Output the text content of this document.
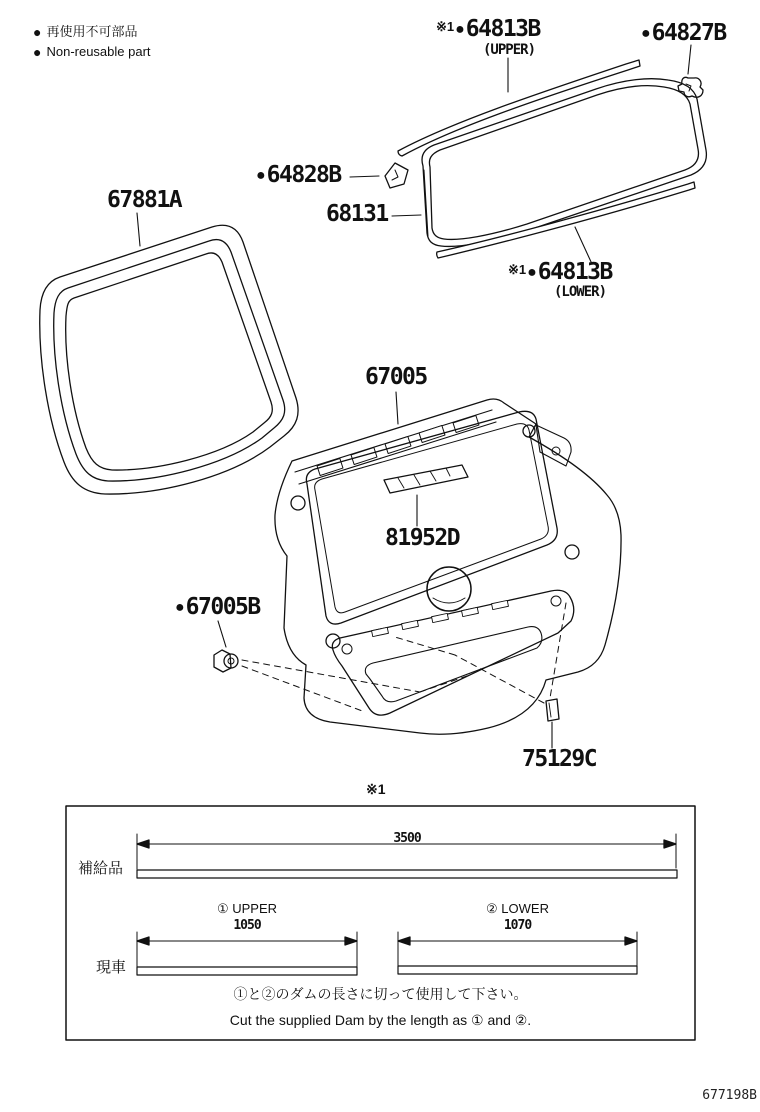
● 再使用不可部品
● Non-reusable part
67881A
※1 ● 64813B
(UPPER)
● 64827B
● 64828B
68131
※1 ● 64813B
(LOWER)
67005
81952D
● 67005B
75129C
※1
3500
補給品
① UPPER
1050
② LOWER
1070
現車
①と②のダムの長さに切って使用して下さい。
Cut the supplied Dam by the length as ① and ②.
677198B
